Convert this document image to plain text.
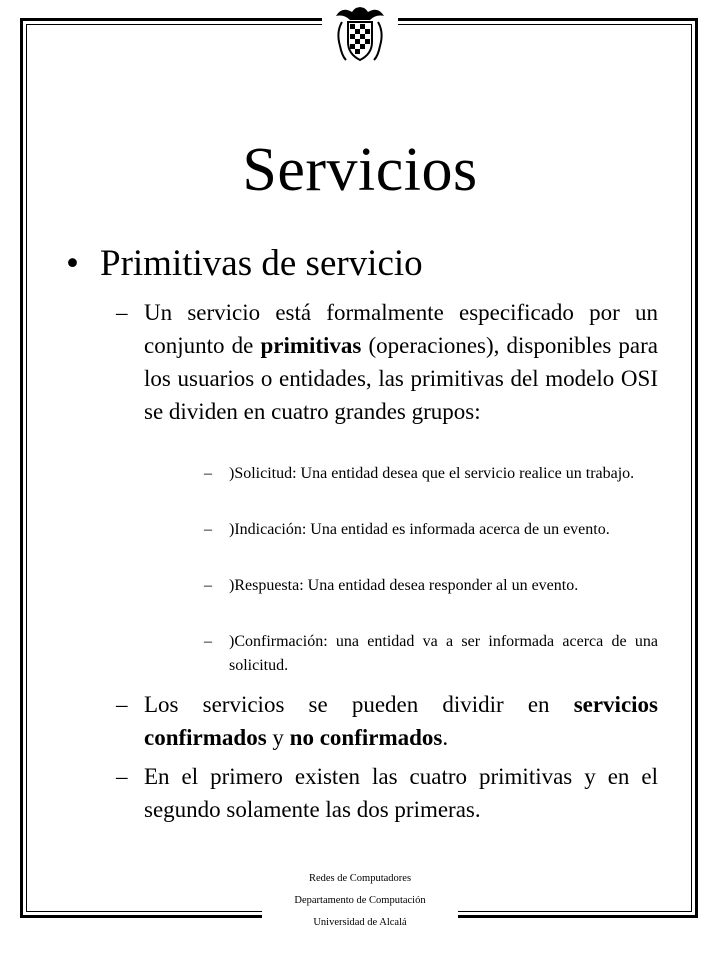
Servicios
• Primitivas de servicio
– Un servicio está formalmente especificado por un conjunto de primitivas (operaciones), disponibles para los usuarios o entidades, las primitivas del modelo OSI se dividen en cuatro grandes grupos:
– )Solicitud: Una entidad desea que el servicio realice un trabajo.
– )Indicación: Una entidad es informada acerca de un evento.
– )Respuesta: Una entidad desea responder al un evento.
– )Confirmación: una entidad va a ser informada acerca de una solicitud.
– Los servicios se pueden dividir en servicios confirmados y no confirmados.
– En el primero existen las cuatro primitivas y en el segundo solamente las dos primeras.
Redes de Computadores
Departamento de Computación
Universidad de Alcalá
